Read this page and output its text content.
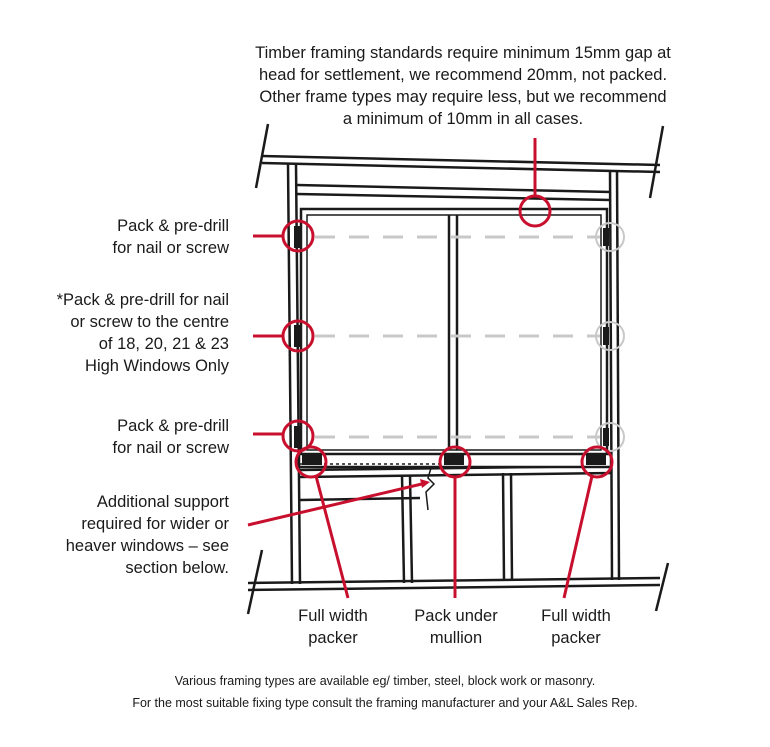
Timber framing standards require minimum 15mm gap at
head for settlement, we recommend 20mm, not packed.
Other frame types may require less, but we recommend
a minimum of 10mm in all cases.
Pack & pre-drill
for nail or screw
*Pack & pre-drill for nail
or screw to the centre
of 18, 20, 21 & 23
High Windows Only
Pack & pre-drill
for nail or screw
Additional support
required for wider or
heaver windows – see
section below.
Full width
packer
Pack under
mullion
Full width
packer
Various framing types are available eg/ timber, steel, block work or masonry.
For the most suitable fixing type consult the framing manufacturer and your A&L Sales Rep.
